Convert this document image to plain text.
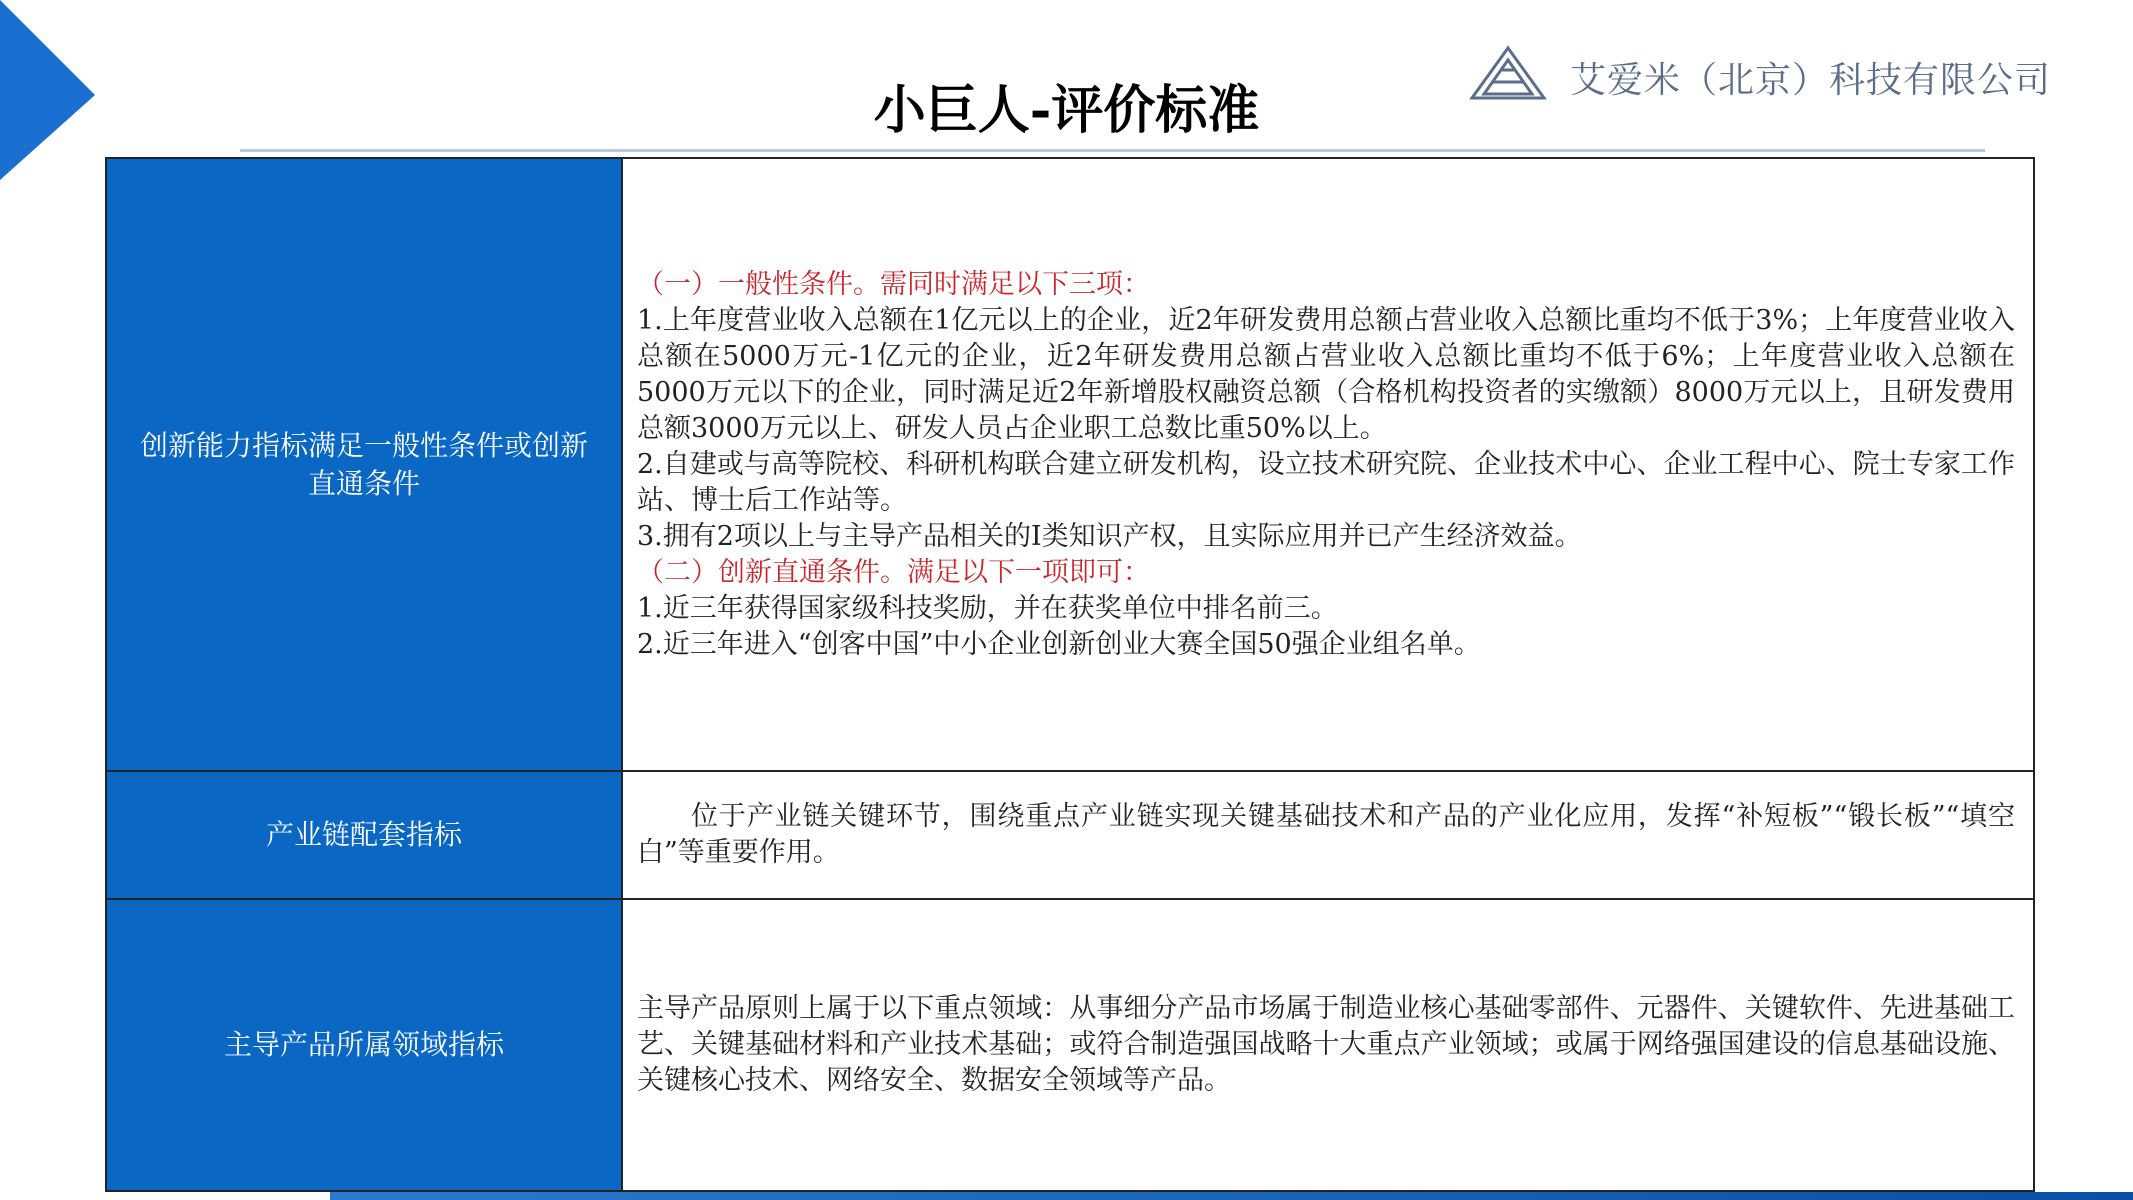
小巨人-评价标准	艾爱米（北京）科技有限公司
创新能力指标满足一般性条件或创新直通条件

（一）一般性条件。需同时满足以下三项：

1.上年度营业收入总额在1亿元以上的企业，近2年研发费用总额占营业收入总额比重均不低于3%；上年度营业收入总额在5000万元-1亿元的企业，近2年研发费用总额占营业收入总额比重均不低于6%；上年度营业收入总额在5000万元以下的企业，同时满足近2年新增股权融资总额（合格机构投资者的实缴额）8000万元以上，且研发费用总额3000万元以上、研发人员占企业职工总数比重50%以上。

2.自建或与高等院校、科研机构联合建立研发机构，设立技术研究院、企业技术中心、企业工程中心、院士专家工作站、博士后工作站等。

3.拥有2项以上与主导产品相关的I类知识产权，且实际应用并已产生经济效益。

（二）创新直通条件。满足以下一项即可：

1.近三年获得国家级科技奖励，并在获奖单位中排名前三。

2.近三年进入“创客中国”中小企业创新创业大赛全国50强企业组名单。

产业链配套指标

位于产业链关键环节，围绕重点产业链实现关键基础技术和产品的产业化应用，发挥“补短板”“锻长板”“填空白”等重要作用。

主导产品所属领域指标

主导产品原则上属于以下重点领域：从事细分产品市场属于制造业核心基础零部件、元器件、关键软件、先进基础工艺、关键基础材料和产业技术基础；或符合制造强国战略十大重点产业领域；或属于网络强国建设的信息基础设施、关键核心技术、网络安全、数据安全领域等产品。
